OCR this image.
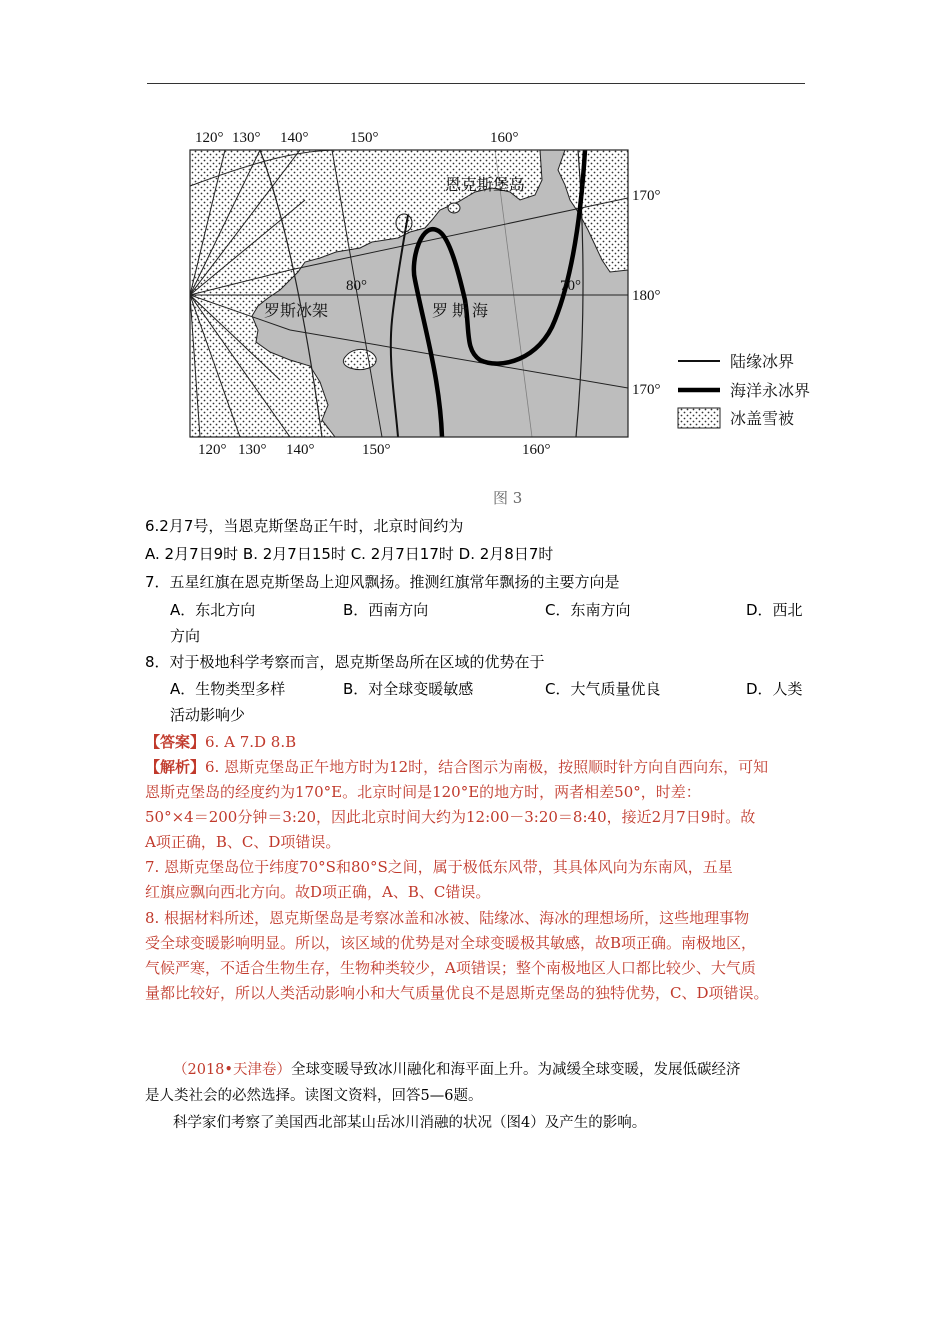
120° 130° 140°	150°	160°
120° 130° 140°	150°	160°
170°
180°
170°
80°	70°
恩克斯堡岛
罗斯冰架	罗 斯 海
陆缘冰界
海洋永冰界
冰盖雪被
图 3
6.2月7号，当恩克斯堡岛正午时，北京时间约为
A. 2月7日9时 B. 2月7日15时 C. 2月7日17时 D. 2月8日7时
7．五星红旗在恩克斯堡岛上迎风飘扬。推测红旗常年飘扬的主要方向是
A．东北方向	B．西南方向	C．东南方向	D．西北
方向
8．对于极地科学考察而言，恩克斯堡岛所在区域的优势在于
A．生物类型多样	B．对全球变暖敏感	C．大气质量优良	D．人类
活动影响少
【答案】6. A 7.D 8.B
【解析】6. 恩斯克堡岛正午地方时为12时，结合图示为南极，按照顺时针方向自西向东，可知
恩斯克堡岛的经度约为170°E。北京时间是120°E的地方时，两者相差50°，时差：
50°×4＝200分钟＝3:20，因此北京时间大约为12:00－3:20＝8:40，接近2月7日9时。故
A项正确，B、C、D项错误。
7. 恩斯克堡岛位于纬度70°S和80°S之间，属于极低东风带，其具体风向为东南风，五星
红旗应飘向西北方向。故D项正确，A、B、C错误。
8. 根据材料所述，恩克斯堡岛是考察冰盖和冰被、陆缘冰、海冰的理想场所，这些地理事物
受全球变暖影响明显。所以，该区域的优势是对全球变暖极其敏感，故B项正确。南极地区，
气候严寒，不适合生物生存，生物种类较少，A项错误；整个南极地区人口都比较少、大气质
量都比较好，所以人类活动影响小和大气质量优良不是恩斯克堡岛的独特优势，C、D项错误。
（2018•天津卷）全球变暖导致冰川融化和海平面上升。为减缓全球变暖，发展低碳经济
是人类社会的必然选择。读图文资料，回答5—6题。
科学家们考察了美国西北部某山岳冰川消融的状况（图4）及产生的影响。
